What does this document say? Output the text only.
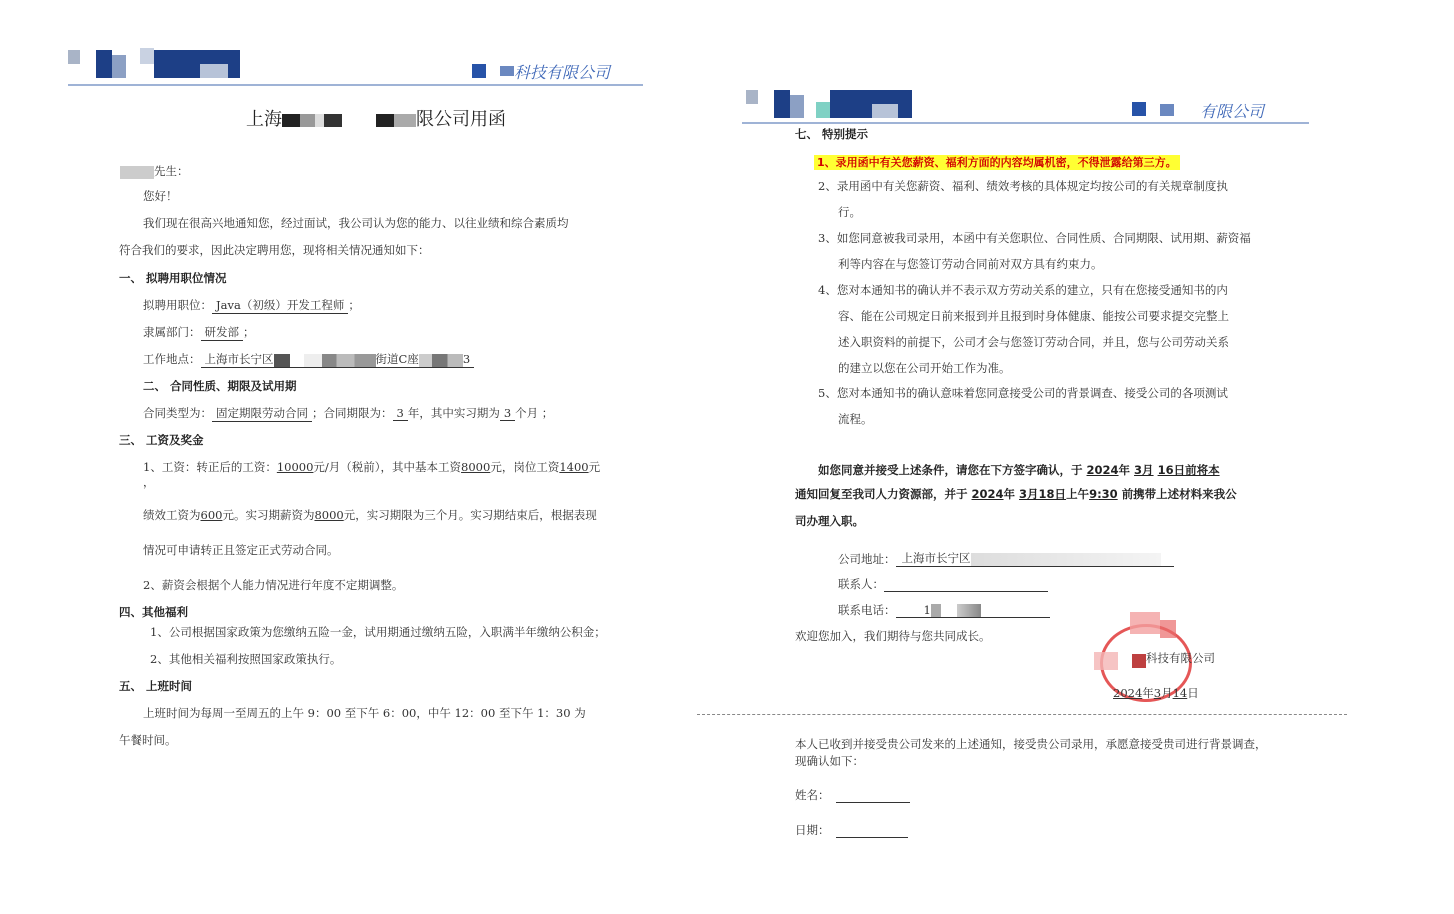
科技有限公司
上海	限公司用函
先生：
您好！
我们现在很高兴地通知您，经过面试，我公司认为您的能力、以往业绩和综合素质均
符合我们的要求，因此决定聘用您，现将相关情况通知如下：
一、 拟聘用职位情况
拟聘用职位： Java（初级）开发工程师 ；
隶属部门： 研发部 ；
工作地点： 上海市长宁区	街道C座	3
二、 合同性质、期限及试用期
合同类型为： 固定期限劳动合同 ；合同期限为： 3 年，其中实习期为 3 个月 ；
三、 工资及奖金
1、工资：转正后的工资：10000元/月（税前），其中基本工资8000元，岗位工资1400元
，
绩效工资为600元。实习期薪资为8000元，实习期限为三个月。实习期结束后，根据表现
情况可申请转正且签定正式劳动合同。
2、薪资会根据个人能力情况进行年度不定期调整。
四、其他福利
1、公司根据国家政策为您缴纳五险一金，试用期通过缴纳五险，入职满半年缴纳公积金；
2、其他相关福利按照国家政策执行。
五、 上班时间
上班时间为每周一至周五的上午 9：00 至下午 6：00，中午 12：00 至下午 1：30 为
午餐时间。
有限公司
七、 特别提示
1、录用函中有关您薪资、福利方面的内容均属机密，不得泄露给第三方。
2、录用函中有关您薪资、福利、绩效考核的具体规定均按公司的有关规章制度执
行。
3、如您同意被我司录用，本函中有关您职位、合同性质、合同期限、试用期、薪资福
利等内容在与您签订劳动合同前对双方具有约束力。
4、您对本通知书的确认并不表示双方劳动关系的建立，只有在您接受通知书的内
容、能在公司规定日前来报到并且报到时身体健康、能按公司要求提交完整上
述入职资料的前提下，公司才会与您签订劳动合同，并且，您与公司劳动关系
的建立以您在公司开始工作为准。
5、您对本通知书的确认意味着您同意接受公司的背景调查、接受公司的各项测试
流程。
如您同意并接受上述条件，请您在下方签字确认，于 2024年 3月 16日前将本
通知回复至我司人力资源部，并于 2024年 3月18日上午9:30 前携带上述材料来我公
司办理入职。
公司地址： 上海市长宁区
联系人：
联系电话： 1
欢迎您加入，我们期待与您共同成长。
科技有限公司
2024年3月14日
本人已收到并接受贵公司发来的上述通知，接受贵公司录用，承愿意接受贵司进行背景调查，
现确认如下：
姓名：
日期：
